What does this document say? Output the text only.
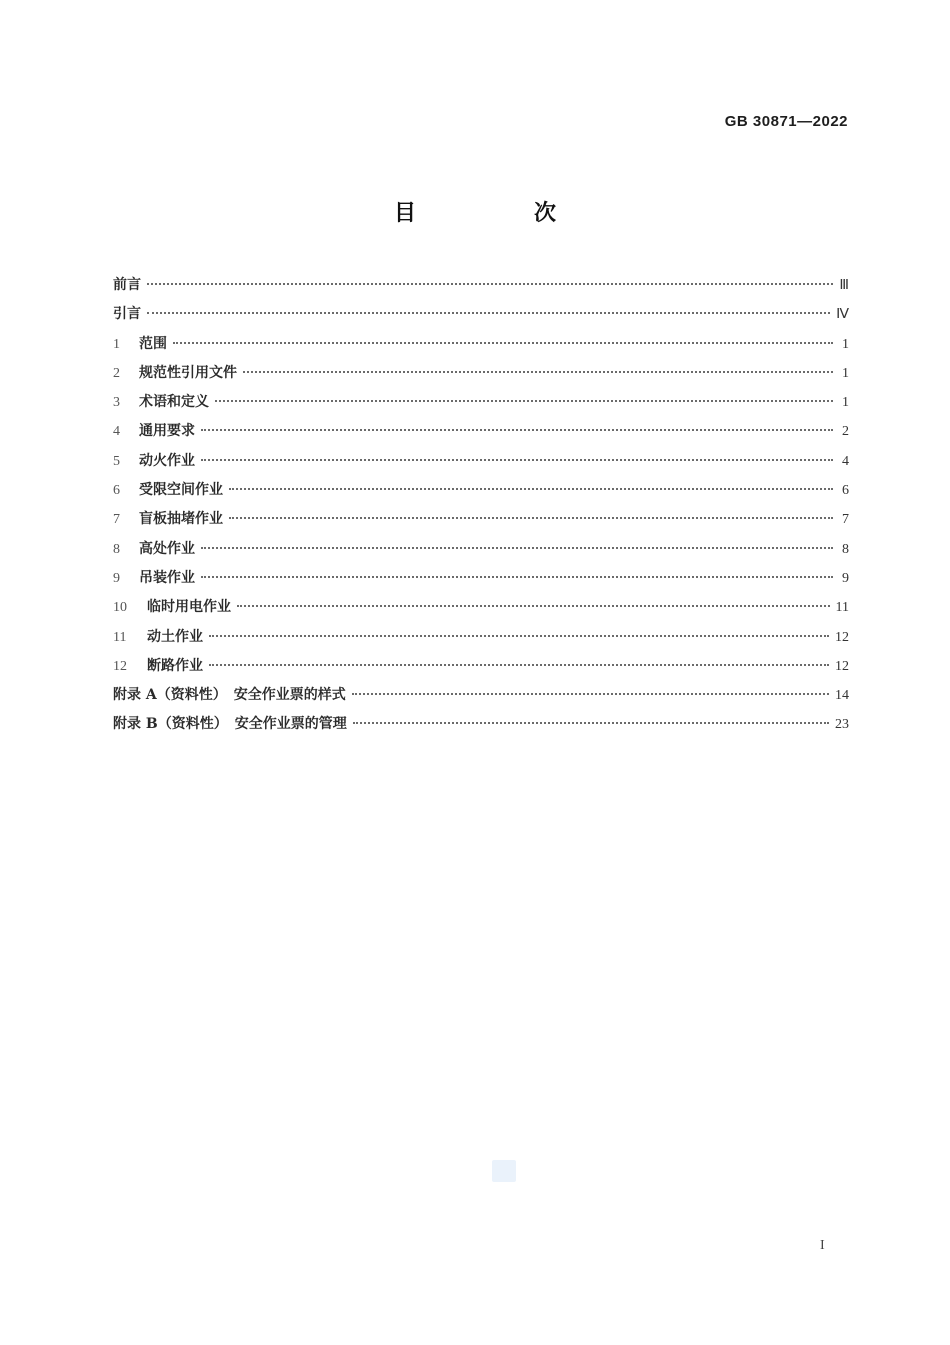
GB 30871—2022
目　次
前言	Ⅲ
引言	Ⅳ
1	范围	1
2	规范性引用文件	1
3	术语和定义	1
4	通用要求	2
5	动火作业	4
6	受限空间作业	6
7	盲板抽堵作业	7
8	高处作业	8
9	吊装作业	9
10	临时用电作业	11
11	动土作业	12
12	断路作业	12
附录 A（资料性）　安全作业票的样式	14
附录 B（资料性）　安全作业票的管理	23
I
